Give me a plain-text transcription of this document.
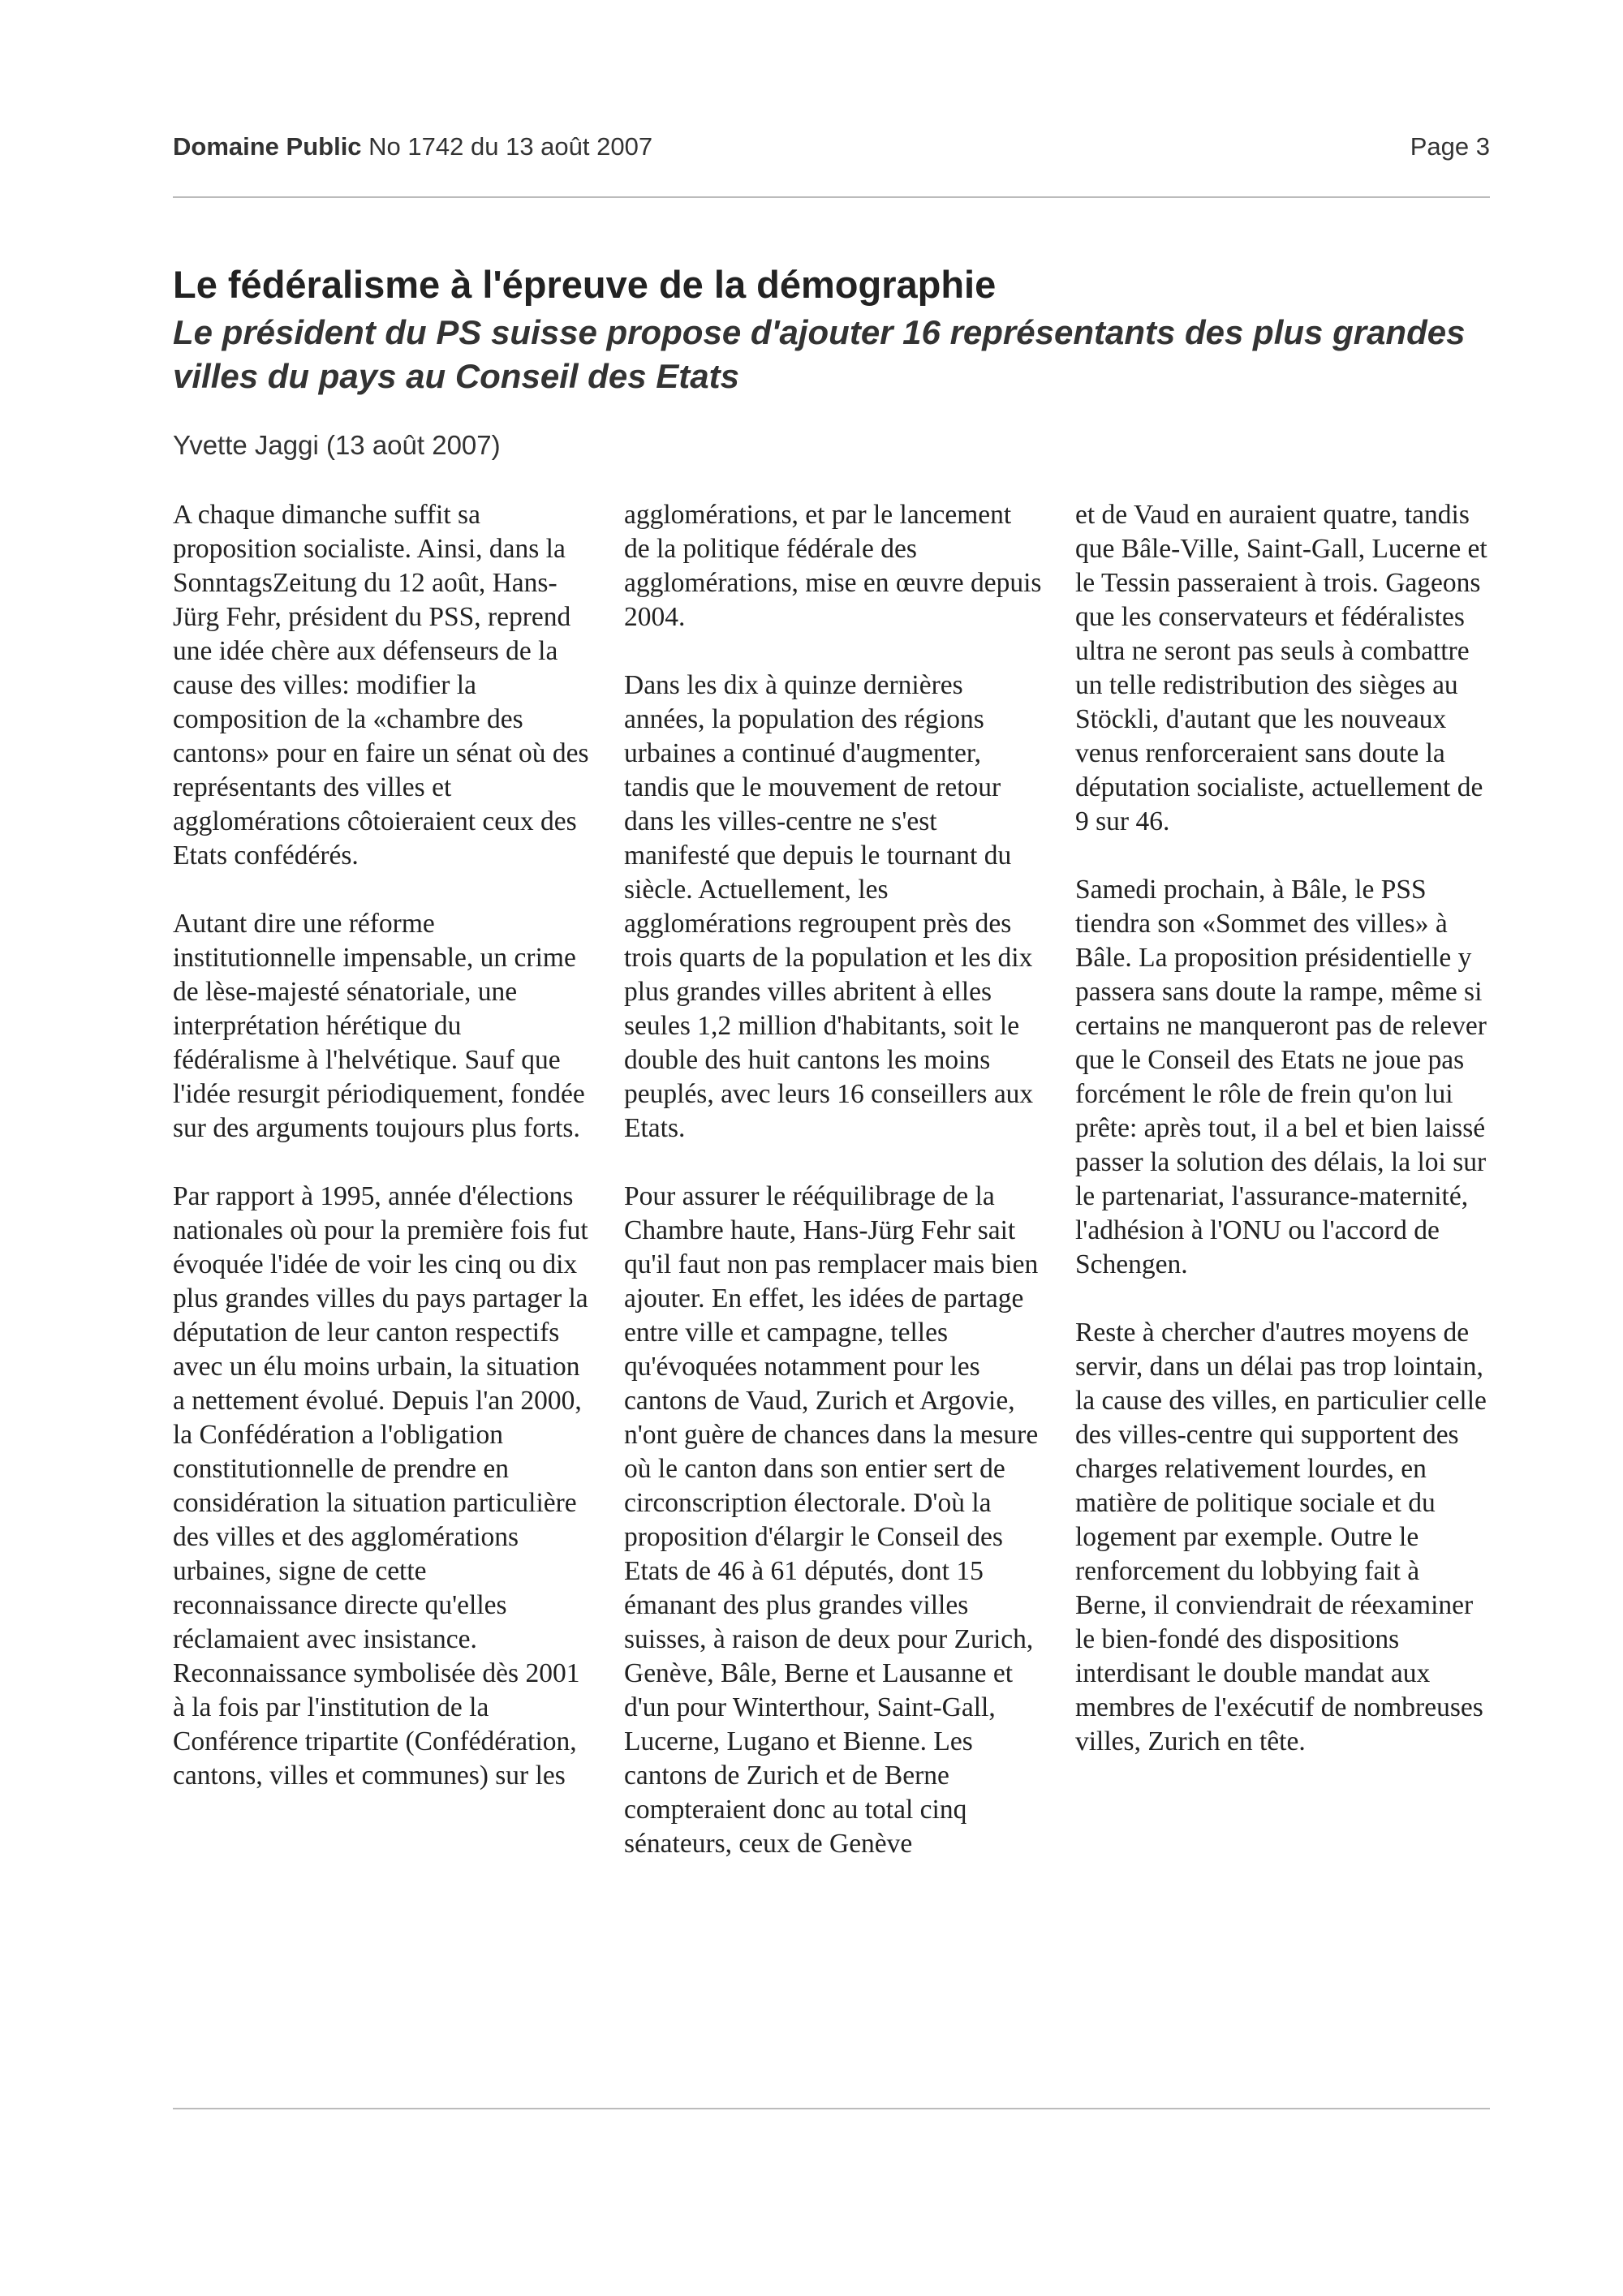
Domaine Public No 1742 du 13 août 2007	Page 3
Le fédéralisme à l'épreuve de la démographie
Le président du PS suisse propose d'ajouter 16 représentants des plus grandes villes du pays au Conseil des Etats

Yvette Jaggi (13 août 2007)

A chaque dimanche suffit sa proposition socialiste. Ainsi, dans la SonntagsZeitung du 12 août, Hans-Jürg Fehr, président du PSS, reprend une idée chère aux défenseurs de la cause des villes: modifier la composition de la «chambre des cantons» pour en faire un sénat où des représentants des villes et agglomérations côtoieraient ceux des Etats confédérés.

Autant dire une réforme institutionnelle impensable, un crime de lèse-majesté sénatoriale, une interprétation hérétique du fédéralisme à l'helvétique. Sauf que l'idée resurgit périodiquement, fondée sur des arguments toujours plus forts.

Par rapport à 1995, année d'élections nationales où pour la première fois fut évoquée l'idée de voir les cinq ou dix plus grandes villes du pays partager la députation de leur canton respectifs avec un élu moins urbain, la situation a nettement évolué. Depuis l'an 2000, la Confédération a l'obligation constitutionnelle de prendre en considération la situation particulière des villes et des agglomérations urbaines, signe de cette reconnaissance directe qu'elles réclamaient avec insistance. Reconnaissance symbolisée dès 2001 à la fois par l'institution de la Conférence tripartite (Confédération, cantons, villes et communes) sur les

agglomérations, et par le lancement de la politique fédérale des agglomérations, mise en œuvre depuis 2004.

Dans les dix à quinze dernières années, la population des régions urbaines a continué d'augmenter, tandis que le mouvement de retour dans les villes-centre ne s'est manifesté que depuis le tournant du siècle. Actuellement, les agglomérations regroupent près des trois quarts de la population et les dix plus grandes villes abritent à elles seules 1,2 million d'habitants, soit le double des huit cantons les moins peuplés, avec leurs 16 conseillers aux Etats.

Pour assurer le rééquilibrage de la Chambre haute, Hans-Jürg Fehr sait qu'il faut non pas remplacer mais bien ajouter. En effet, les idées de partage entre ville et campagne, telles qu'évoquées notamment pour les cantons de Vaud, Zurich et Argovie, n'ont guère de chances dans la mesure où le canton dans son entier sert de circonscription électorale. D'où la proposition d'élargir le Conseil des Etats de 46 à 61 députés, dont 15 émanant des plus grandes villes suisses, à raison de deux pour Zurich, Genève, Bâle, Berne et Lausanne et d'un pour Winterthour, Saint-Gall, Lucerne, Lugano et Bienne. Les cantons de Zurich et de Berne compteraient donc au total cinq sénateurs, ceux de Genève

et de Vaud en auraient quatre, tandis que Bâle-Ville, Saint-Gall, Lucerne et le Tessin passeraient à trois. Gageons que les conservateurs et fédéralistes ultra ne seront pas seuls à combattre un telle redistribution des sièges au Stöckli, d'autant que les nouveaux venus renforceraient sans doute la députation socialiste, actuellement de 9 sur 46.

Samedi prochain, à Bâle, le PSS tiendra son «Sommet des villes» à Bâle. La proposition présidentielle y passera sans doute la rampe, même si certains ne manqueront pas de relever que le Conseil des Etats ne joue pas forcément le rôle de frein qu'on lui prête: après tout, il a bel et bien laissé passer la solution des délais, la loi sur le partenariat, l'assurance-maternité, l'adhésion à l'ONU ou l'accord de Schengen.

Reste à chercher d'autres moyens de servir, dans un délai pas trop lointain, la cause des villes, en particulier celle des villes-centre qui supportent des charges relativement lourdes, en matière de politique sociale et du logement par exemple. Outre le renforcement du lobbying fait à Berne, il conviendrait de réexaminer le bien-fondé des dispositions interdisant le double mandat aux membres de l'exécutif de nombreuses villes, Zurich en tête.
